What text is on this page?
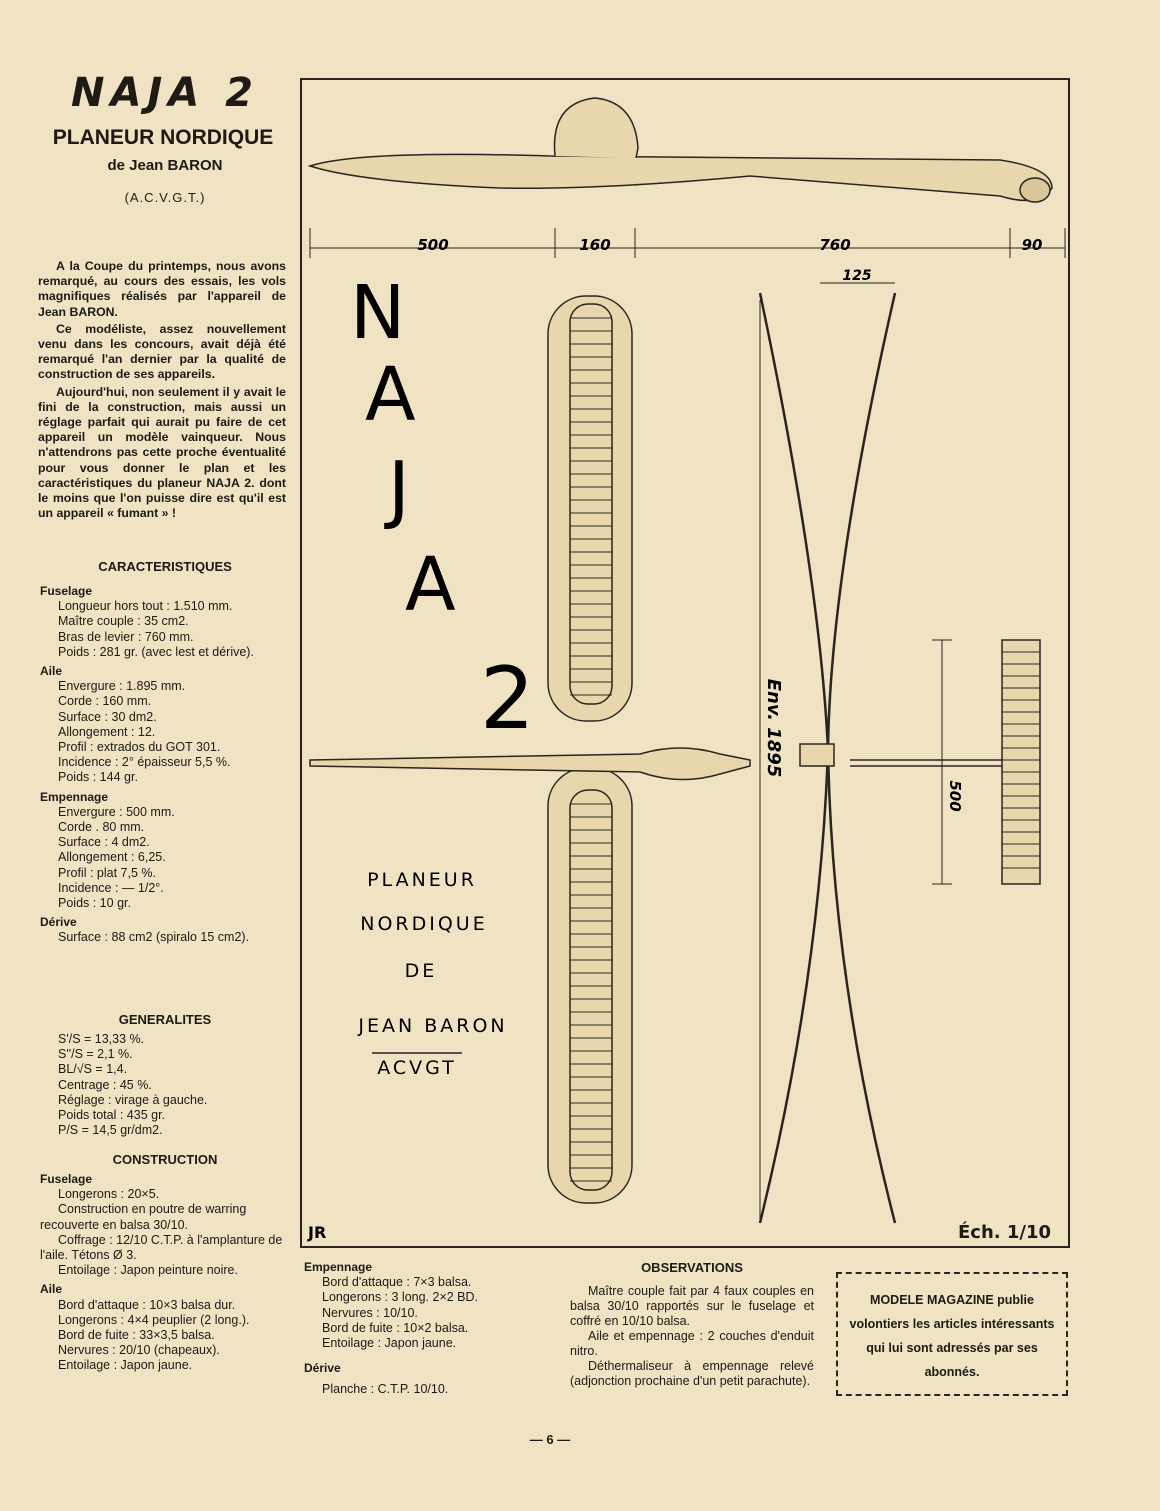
NAJA 2
PLANEUR NORDIQUE
de Jean BARON
(A.C.V.G.T.)

A la Coupe du printemps, nous avons remarqué, au cours des essais, les vols magnifiques réalisés par l'appareil de Jean BARON.

Ce modéliste, assez nouvellement venu dans les concours, avait déjà été remarqué l'an dernier par la qualité de construction de ses appareils.

Aujourd'hui, non seulement il y avait le fini de la construction, mais aussi un réglage parfait qui aurait pu faire de cet appareil un modèle vainqueur. Nous n'attendrons pas cette proche éventualité pour vous donner le plan et les caractéristiques du planeur NAJA 2. dont le moins que l'on puisse dire est qu'il est un appareil « fumant » !

CARACTERISTIQUES
Fuselage
Longueur hors tout : 1.510 mm.
Maître couple : 35 cm2.
Bras de levier : 760 mm.
Poids : 281 gr. (avec lest et dérive).
Aile
Envergure : 1.895 mm.
Corde : 160 mm.
Surface : 30 dm2.
Allongement : 12.
Profil : extrados du GOT 301.
Incidence : 2° épaisseur 5,5 %.
Poids : 144 gr.
Empennage
Envergure : 500 mm.
Corde . 80 mm.
Surface : 4 dm2.
Allongement : 6,25.
Profil : plat 7,5 %.
Incidence : — 1/2°.
Poids : 10 gr.
Dérive
Surface : 88 cm2 (spiralo 15 cm2).
GENERALITES
S'/S = 13,33 %.
S''/S = 2,1 %.
BL/√S = 1,4.
Centrage : 45 %.
Réglage : virage à gauche.
Poids total : 435 gr.
P/S = 14,5 gr/dm2.
CONSTRUCTION
Fuselage
Longerons : 20×5.
Construction en poutre de warring recouverte en balsa 30/10.
Coffrage : 12/10 C.T.P. à l'amplanture de l'aile. Tétons Ø 3.
Entoilage : Japon peinture noire.
Aile
Bord d'attaque : 10×3 balsa dur.
Longerons : 4×4 peuplier (2 long.).
Bord de fuite : 33×3,5 balsa.
Nervures : 20/10 (chapeaux).
Entoilage : Japon jaune.
500	160	760	90
125
Env. 1895
500
N
A
J
A
2
PLANEUR
NORDIQUE
DE
JEAN BARON
ACVGT
JR	Éch. 1/10
Empennage
Bord d'attaque : 7×3 balsa.
Longerons : 3 long. 2×2 BD.
Nervures : 10/10.
Bord de fuite : 10×2 balsa.
Entoilage : Japon jaune.
Dérive
Planche : C.T.P. 10/10.
OBSERVATIONS
Maître couple fait par 4 faux couples en balsa 30/10 rapportés sur le fuselage et coffré en 10/10 balsa.
Aile et empennage : 2 couches d'enduit nitro.
Déthermaliseur à empennage relevé (adjonction prochaine d'un petit parachute).
MODELE MAGAZINE publie volontiers les articles intéressants qui lui sont adressés par ses abonnés.
— 6 —
